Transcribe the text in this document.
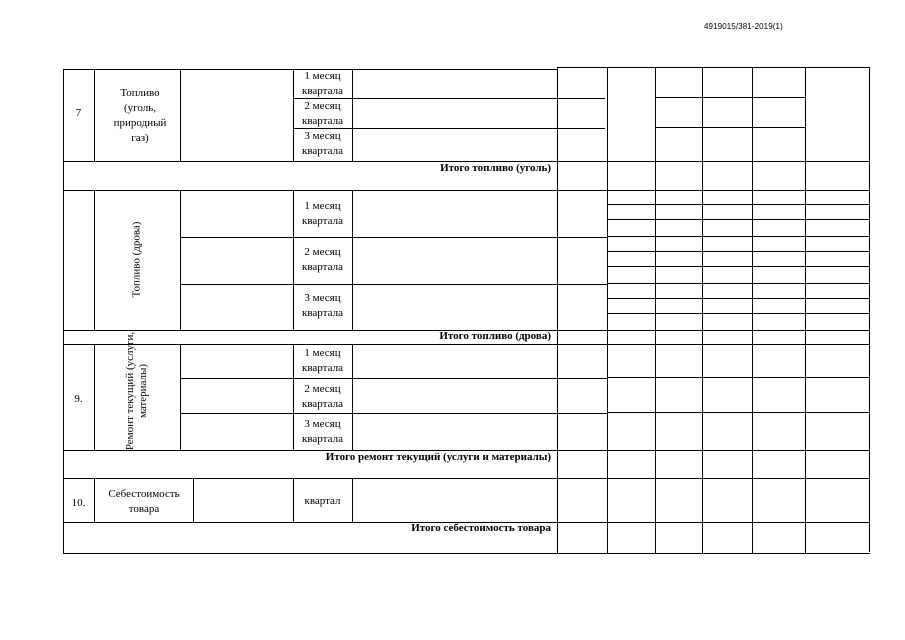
4919015/381-2019(1)
7
Топливо (уголь, природный газ)
1 месяц квартала
2 месяц квартала
3 месяц квартала
Итого топливо (уголь)
Топливо (дрова)
1 месяц квартала
2 месяц квартала
3 месяц квартала
Итого топливо (дрова)
9.	Ремонт текущий (услуги, материалы)
1 месяц квартала
2 месяц квартала
3 месяц квартала
Итого ремонт текущий (услуги и материалы)
10.
Себестоимость товара
квартал
Итого себестоимость товара
